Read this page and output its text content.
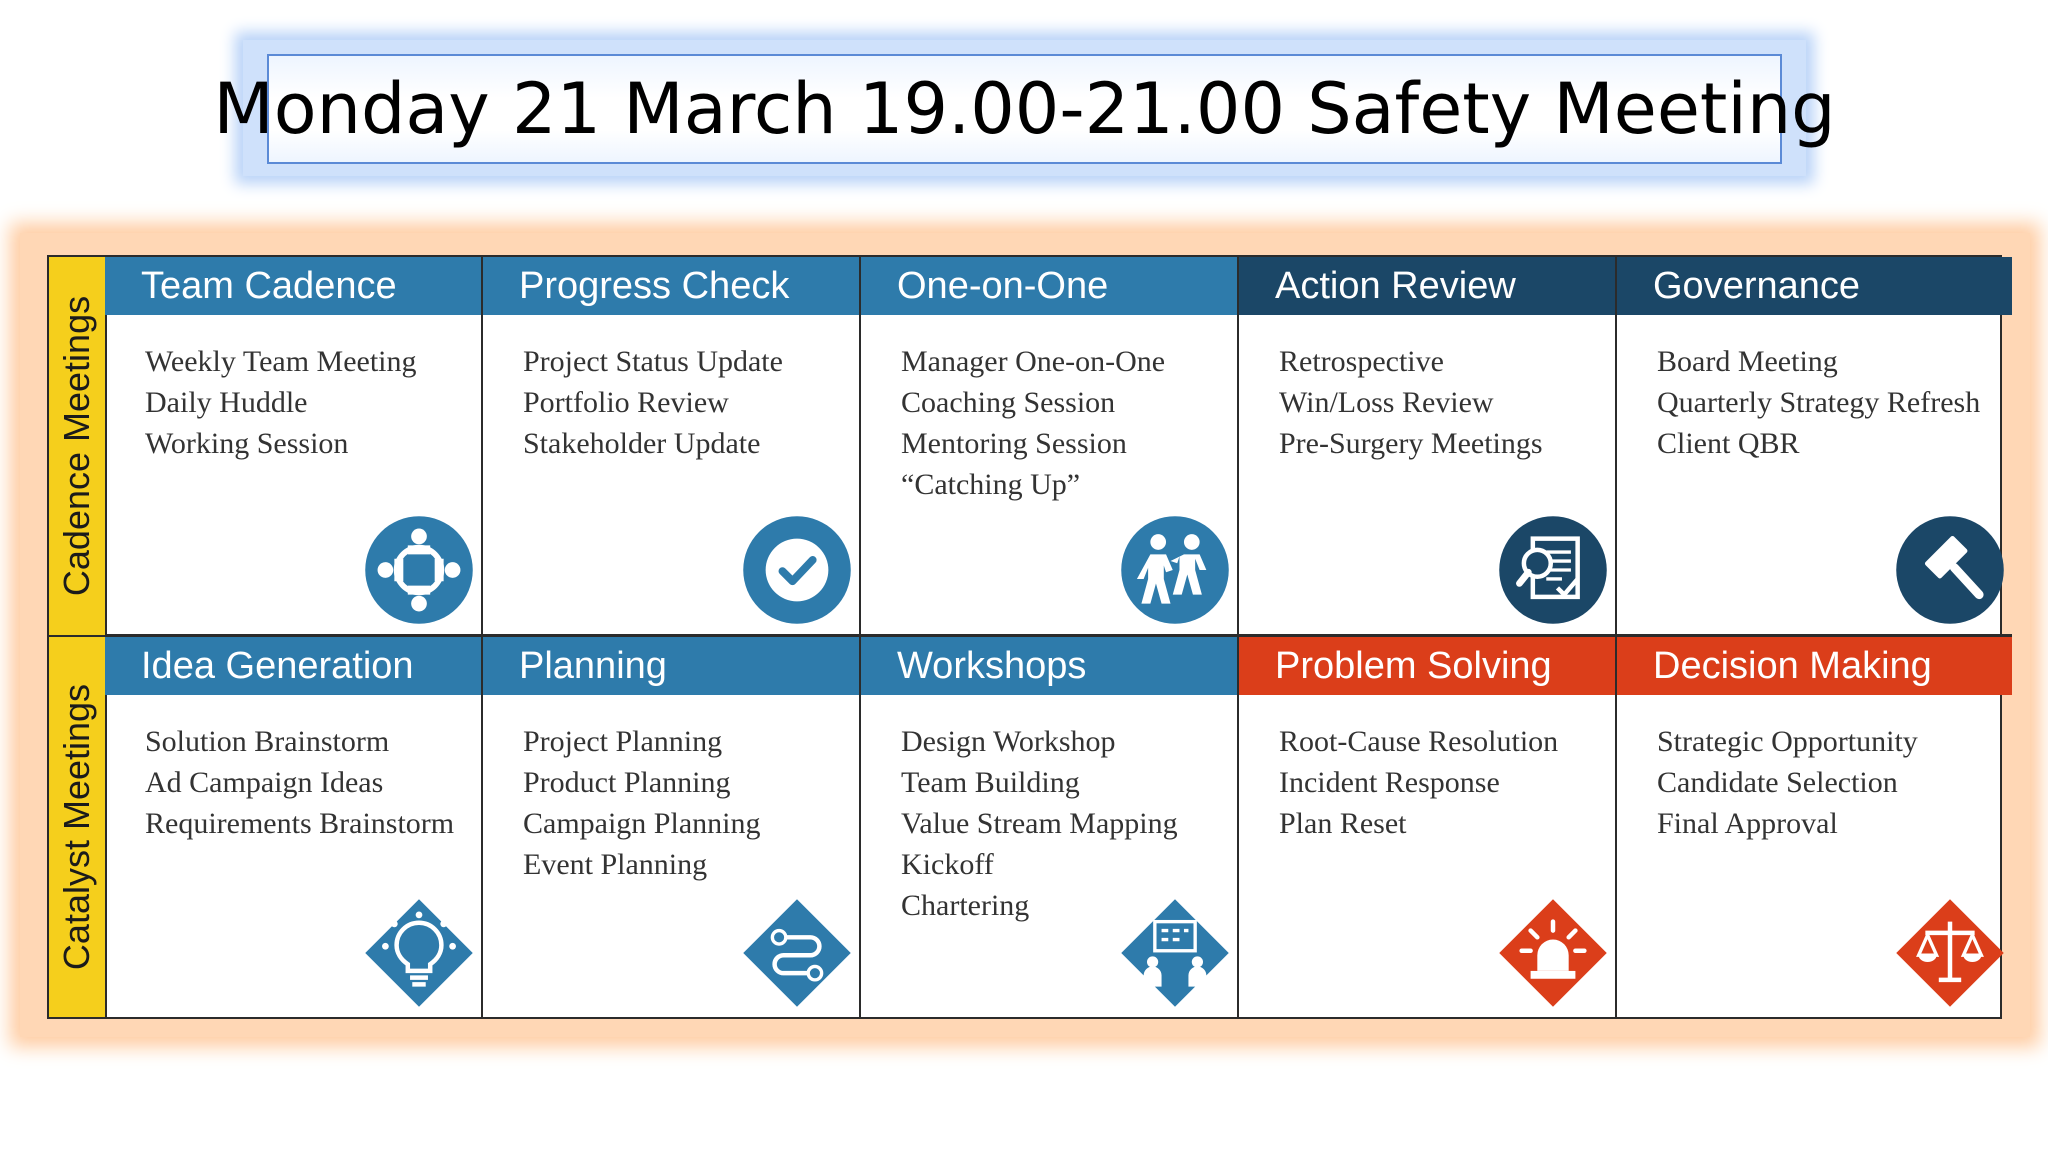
Monday 21 March 19.00-21.00 Safety Meeting
Cadence Meetings
Catalyst Meetings
Team Cadence
Weekly Team Meeting
Daily Huddle
Working Session
Progress Check
Project Status Update
Portfolio Review
Stakeholder Update
One-on-One
Manager One-on-One
Coaching Session
Mentoring Session
“Catching Up”
Action Review
Retrospective
Win/Loss Review
Pre-Surgery Meetings
Governance
Board Meeting
Quarterly Strategy Refresh
Client QBR
Idea Generation
Solution Brainstorm
Ad Campaign Ideas
Requirements Brainstorm
Planning
Project Planning
Product Planning
Campaign Planning
Event Planning
Workshops
Design Workshop
Team Building
Value Stream Mapping
Kickoff
Chartering
Problem Solving
Root-Cause Resolution
Incident Response
Plan Reset
Decision Making
Strategic Opportunity
Candidate Selection
Final Approval
